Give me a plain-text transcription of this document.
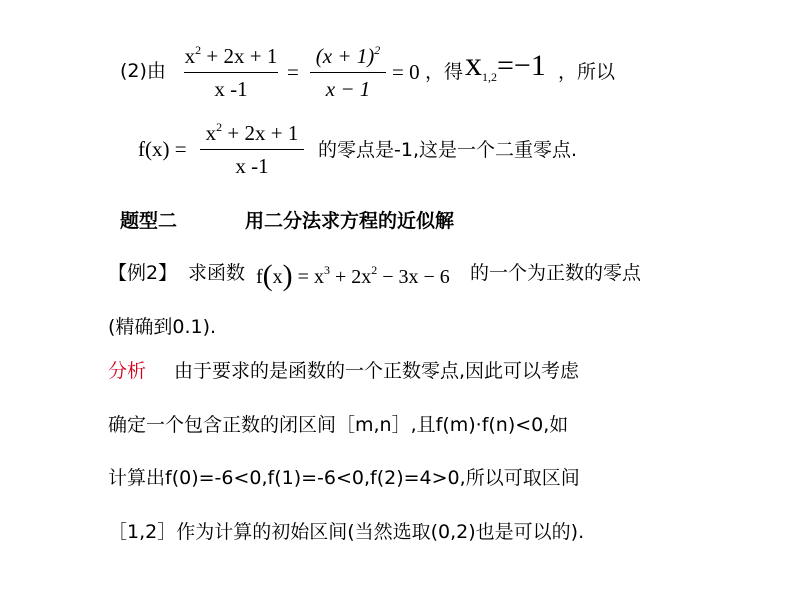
(2)由
$x^2 + 2x + 1$
x -1
=
$(x + 1)^2$
x − 1
= 0 ，得 $x_{1,2}=-1$ ，所以
f(x) =
$x^2 + 2x + 1$
x -1
的零点是-1,这是一个二重零点.
题型二	用二分法求方程的近似解
【例2】 求函数 $f(x) = x^3 + 2x^2 - 3x - 6$ 的一个为正数的零点
(精确到0.1).
分析 由于要求的是函数的一个正数零点,因此可以考虑
确定一个包含正数的闭区间［m,n］,且f(m)·f(n)<0,如
计算出f(0)=-6<0,f(1)=-6<0,f(2)=4>0,所以可取区间
［1,2］作为计算的初始区间(当然选取(0,2)也是可以的).
